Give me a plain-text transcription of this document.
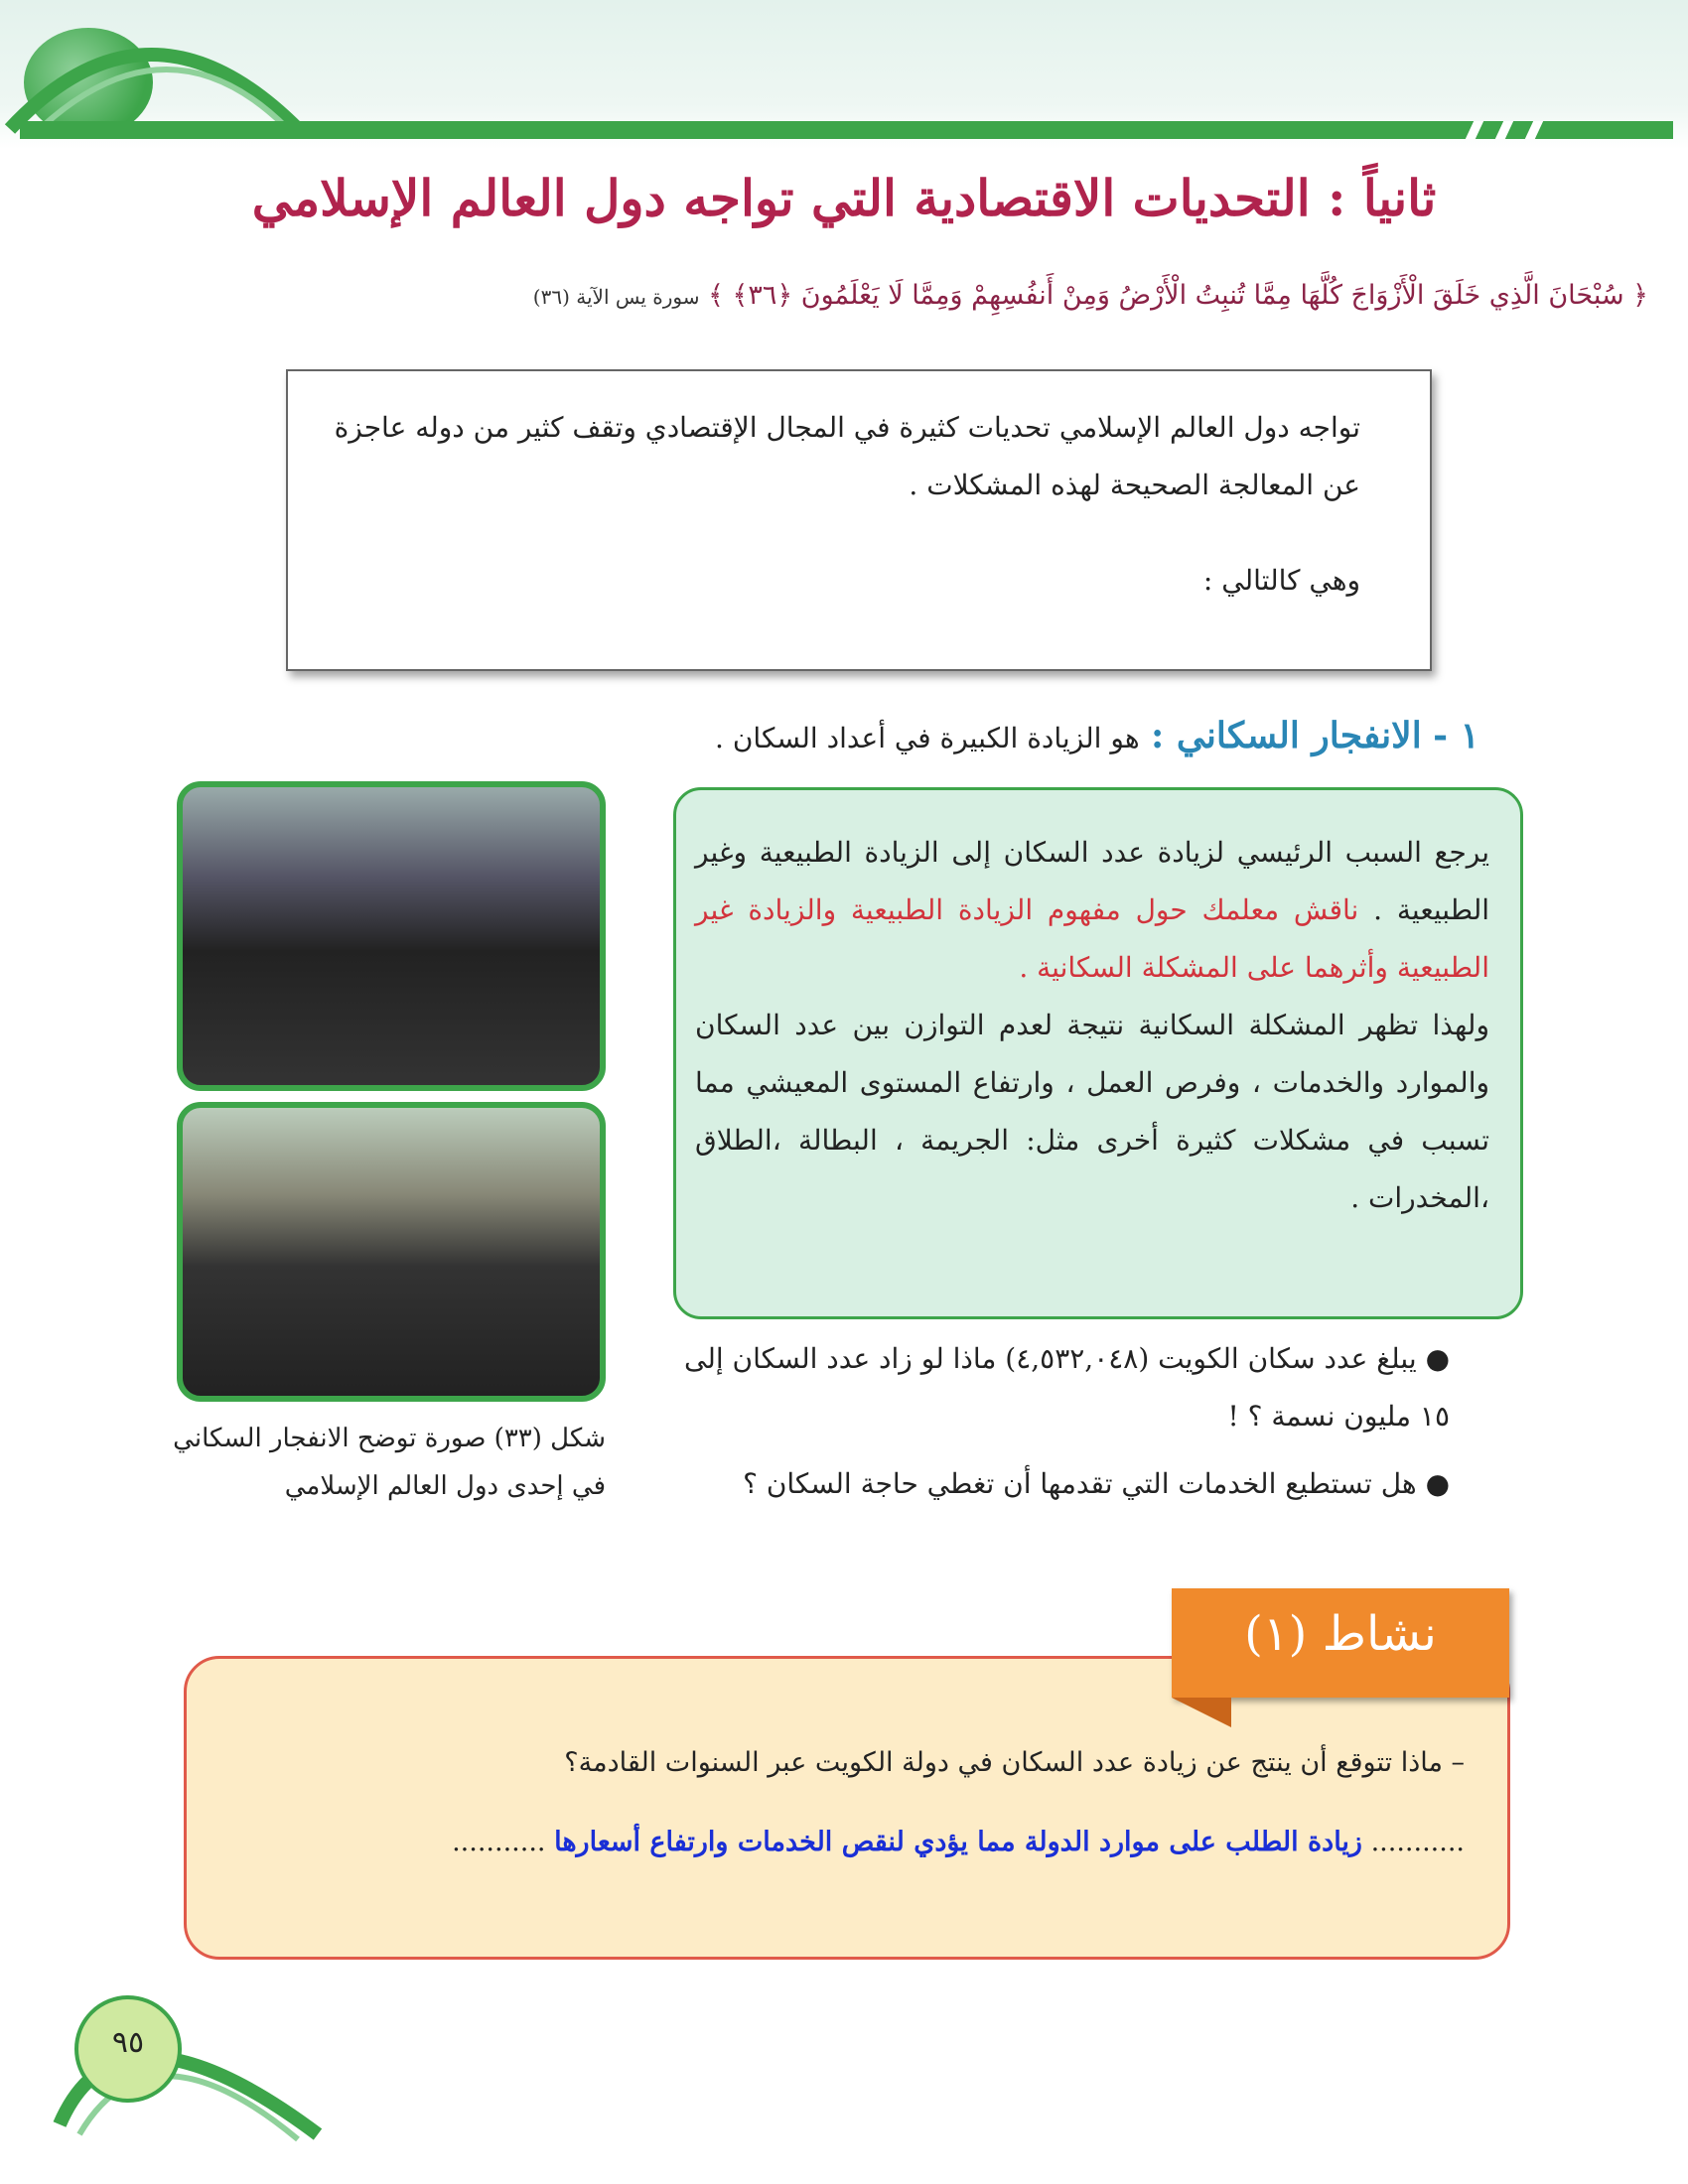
ثانياً : التحديات الاقتصادية التي تواجه دول العالم الإسلامي
﴿ سُبْحَانَ الَّذِي خَلَقَ الْأَزْوَاجَ كُلَّهَا مِمَّا تُنبِتُ الْأَرْضُ وَمِنْ أَنفُسِهِمْ وَمِمَّا لَا يَعْلَمُونَ ﴿٣٦﴾ ﴾ سورة يس الآية (٣٦)
تواجه دول العالم الإسلامي تحديات كثيرة في المجال الإقتصادي وتقف كثير من دوله عاجزة عن المعالجة الصحيحة لهذه المشكلات .
وهي كالتالي :
١ - الانفجار السكاني : هو الزيادة الكبيرة في أعداد السكان .
يرجع السبب الرئيسي لزيادة عدد السكان إلى الزيادة الطبيعية وغير الطبيعية . ناقش معلمك حول مفهوم الزيادة الطبيعية والزيادة غير الطبيعية وأثرهما على المشكلة السكانية .
ولهذا تظهر المشكلة السكانية نتيجة لعدم التوازن بين عدد السكان والموارد والخدمات ، وفرص العمل ، وارتفاع المستوى المعيشي مما تسبب في مشكلات كثيرة أخرى مثل: الجريمة ، البطالة ،الطلاق ،المخدرات .
شكل (٣٣) صورة توضح الانفجار السكاني في إحدى دول العالم الإسلامي

● يبلغ عدد سكان الكويت (٤,٥٣٢,٠٤٨) ماذا لو زاد عدد السكان إلى ١٥ مليون نسمة ؟ !

● هل تستطيع الخدمات التي تقدمها أن تغطي حاجة السكان ؟

نشاط (١)
– ماذا تتوقع أن ينتج عن زيادة عدد السكان في دولة الكويت عبر السنوات القادمة؟
........... زيادة الطلب على موارد الدولة مما يؤدي لنقص الخدمات وارتفاع أسعارها ...........
٩٥
